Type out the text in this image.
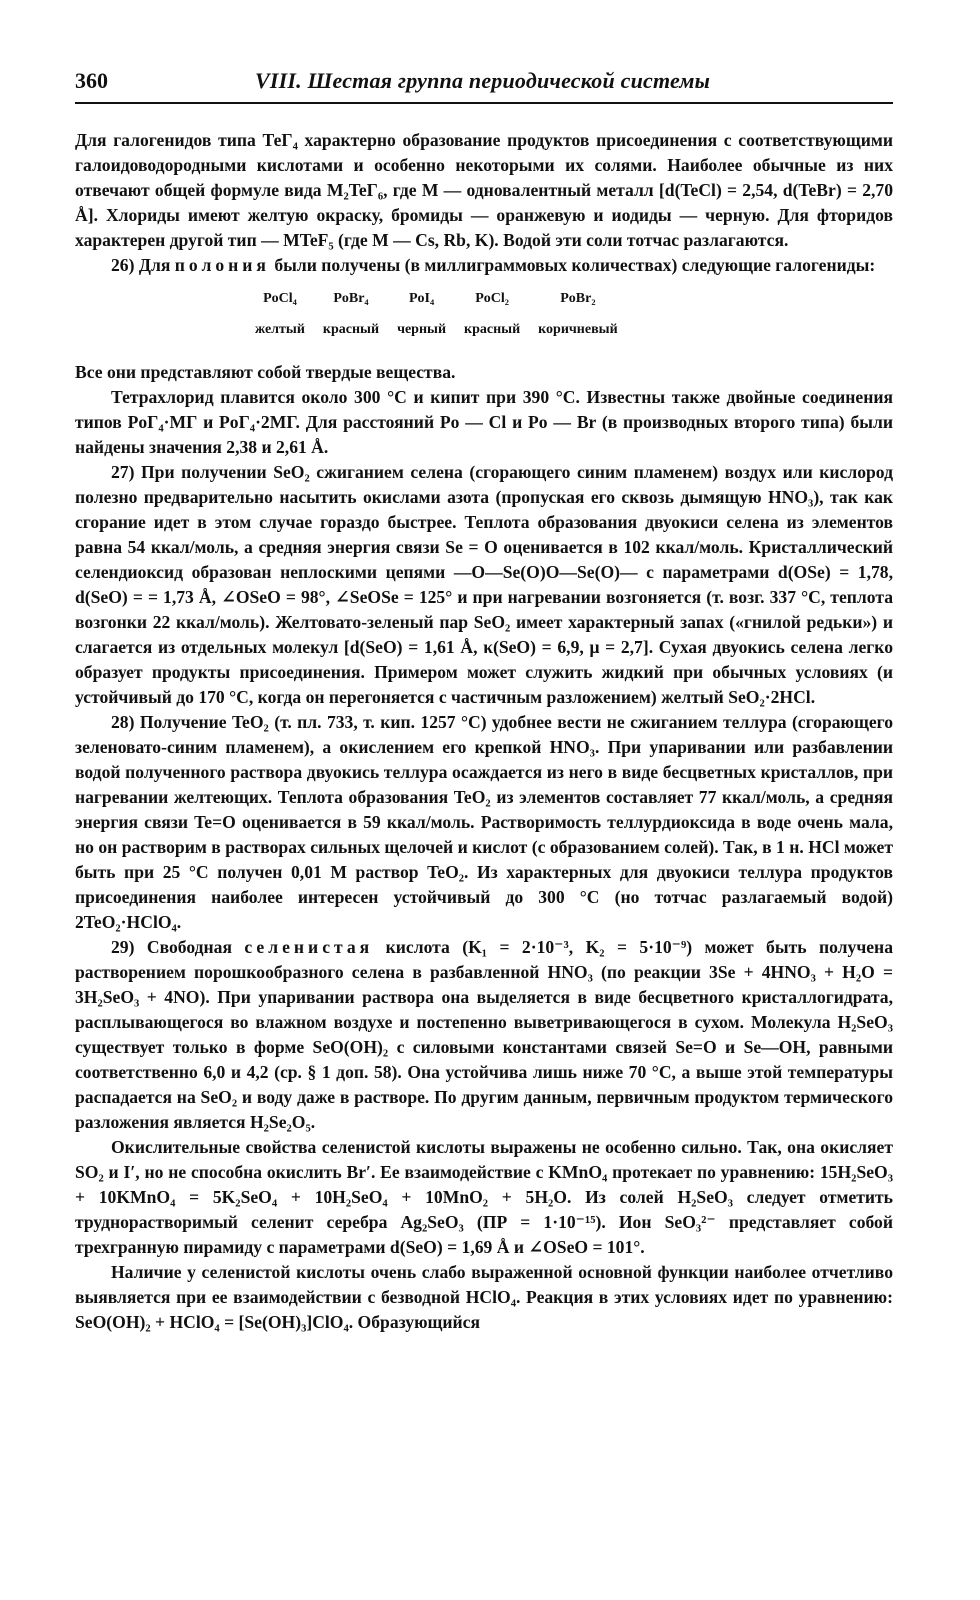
360	VIII. Шестая группа периодической системы

Для галогенидов типа ТеГ₄ характерно образование продуктов присоединения с соответствующими галоидоводородными кислотами и особенно некоторыми их солями. Наиболее обычные из них отвечают общей формуле вида M₂TeГ₆, где M — одновалентный металл [d(TeCl) = 2,54, d(TeBr) = 2,70 Å]. Хлориды имеют желтую окраску, бромиды — оранжевую и иодиды — черную. Для фторидов характерен другой тип — MTeF₅ (где M — Cs, Rb, K). Водой эти соли тотчас разлагаются.

26) Для полония были получены (в миллиграммовых количествах) следующие галогениды:

PoCl₄	PoBr₄	PoI₄	PoCl₂	PoBr₂
желтый	красный	черный	красный	коричневый

Все они представляют собой твердые вещества.

Тетрахлорид плавится около 300 °С и кипит при 390 °С. Известны также двойные соединения типов PoГ₄·MГ и PoГ₄·2MГ. Для расстояний Po — Cl и Po — Br (в производных второго типа) были найдены значения 2,38 и 2,61 Å.

27) При получении SeO₂ сжиганием селена (сгорающего синим пламенем) воздух или кислород полезно предварительно насытить окислами азота (пропуская его сквозь дымящую HNO₃), так как сгорание идет в этом случае гораздо быстрее. Теплота образования двуокиси селена из элементов равна 54 ккал/моль, а средняя энергия связи Se = O оценивается в 102 ккал/моль. Кристаллический селендиоксид образован неплоскими цепями —O—Se(O)O—Se(O)— с параметрами d(OSe) = 1,78, d(SeO) = = 1,73 Å, ∠OSeO = 98°, ∠SeOSe = 125° и при нагревании возгоняется (т. возг. 337 °С, теплота возгонки 22 ккал/моль). Желтовато-зеленый пар SeO₂ имеет характерный запах («гнилой редьки») и слагается из отдельных молекул [d(SeO) = 1,61 Å, κ(SeO) = 6,9, μ = 2,7]. Сухая двуокись селена легко образует продукты присоединения. Примером может служить жидкий при обычных условиях (и устойчивый до 170 °С, когда он перегоняется с частичным разложением) желтый SeO₂·2HCl.

28) Получение TeO₂ (т. пл. 733, т. кип. 1257 °С) удобнее вести не сжиганием теллура (сгорающего зеленовато-синим пламенем), а окислением его крепкой HNO₃. При упаривании или разбавлении водой полученного раствора двуокись теллура осаждается из него в виде бесцветных кристаллов, при нагревании желтеющих. Теплота образования TeO₂ из элементов составляет 77 ккал/моль, а средняя энергия связи Te=O оценивается в 59 ккал/моль. Растворимость теллурдиоксида в воде очень мала, но он растворим в растворах сильных щелочей и кислот (с образованием солей). Так, в 1 н. HCl может быть при 25 °С получен 0,01 M раствор TeO₂. Из характерных для двуокиси теллура продуктов присоединения наиболее интересен устойчивый до 300 °С (но тотчас разлагаемый водой) 2TeO₂·HClO₄.

29) Свободная селенистая кислота (K₁ = 2·10⁻³, K₂ = 5·10⁻⁹) может быть получена растворением порошкообразного селена в разбавленной HNO₃ (по реакции 3Se + 4HNO₃ + H₂O = 3H₂SeO₃ + 4NO). При упаривании раствора она выделяется в виде бесцветного кристаллогидрата, расплывающегося во влажном воздухе и постепенно выветривающегося в сухом. Молекула H₂SeO₃ существует только в форме SeO(OH)₂ с силовыми константами связей Se=O и Se—OH, равными соответственно 6,0 и 4,2 (ср. § 1 доп. 58). Она устойчива лишь ниже 70 °С, а выше этой температуры распадается на SeO₂ и воду даже в растворе. По другим данным, первичным продуктом термического разложения является H₂Se₂O₅.

Окислительные свойства селенистой кислоты выражены не особенно сильно. Так, она окисляет SO₂ и I′, но не способна окислить Br′. Ее взаимодействие с KMnO₄ протекает по уравнению: 15H₂SeO₃ + 10KMnO₄ = 5K₂SeO₄ + 10H₂SeO₄ + 10MnO₂ + 5H₂O. Из солей H₂SeO₃ следует отметить труднорастворимый селенит серебра Ag₂SeO₃ (ПР = 1·10⁻¹⁵). Ион SeO₃²⁻ представляет собой трехгранную пирамиду с параметрами d(SeO) = 1,69 Å и ∠OSeO = 101°.

Наличие у селенистой кислоты очень слабо выраженной основной функции наиболее отчетливо выявляется при ее взаимодействии с безводной HClO₄. Реакция в этих условиях идет по уравнению: SeO(OH)₂ + HClO₄ = [Se(OH)₃]ClO₄. Образующийся
